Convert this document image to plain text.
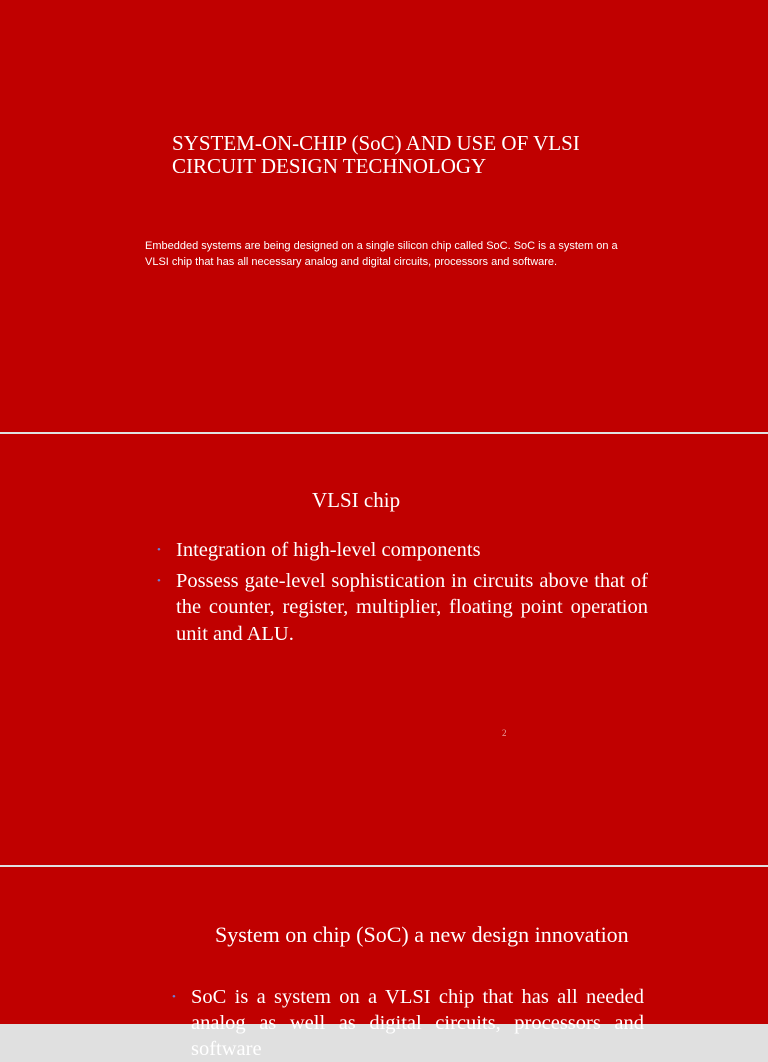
SYSTEM-ON-CHIP (SoC) AND USE OF VLSI
CIRCUIT DESIGN TECHNOLOGY
Embedded systems are being designed on a single silicon chip called SoC. SoC is a system on a
VLSI chip that has all necessary analog and digital circuits, processors and software.
VLSI chip
• Integration of high-level components
• Possess gate-level sophistication in circuits above that of the counter, register, multiplier, floating point operation unit and ALU.
2
System on chip (SoC) a new design innovation
• SoC is a system on a VLSI chip that has all needed analog as well as digital circuits, processors and software
